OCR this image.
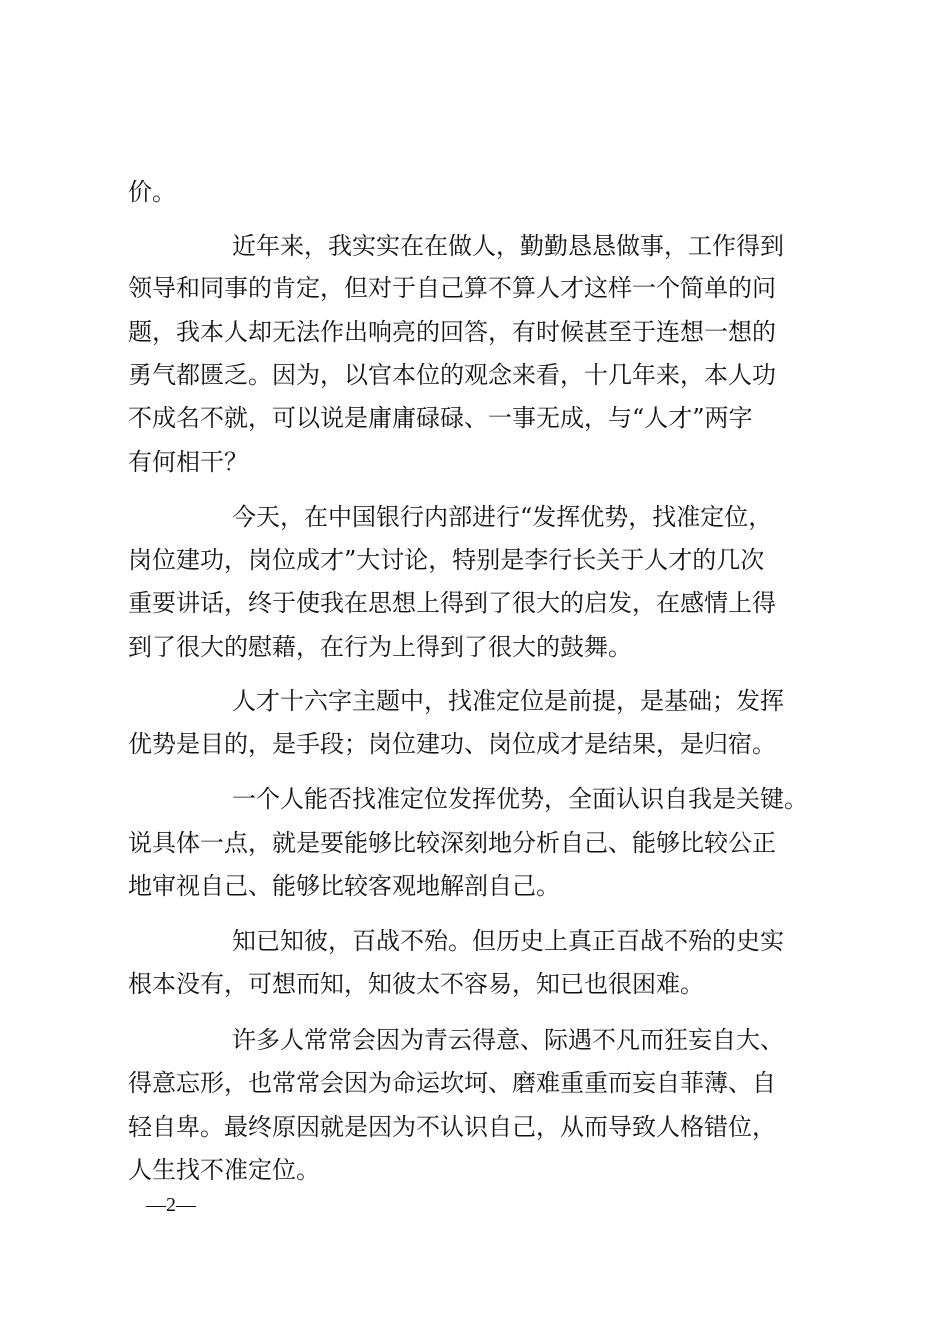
价。
近年来，我实实在在做人，勤勤恳恳做事，工作得到
领导和同事的肯定，但对于自己算不算人才这样一个简单的问
题，我本人却无法作出响亮的回答，有时候甚至于连想一想的
勇气都匮乏。因为，以官本位的观念来看，十几年来，本人功
不成名不就，可以说是庸庸碌碌、一事无成，与“人才”两字
有何相干？
今天，在中国银行内部进行“发挥优势，找准定位，
岗位建功，岗位成才”大讨论，特别是李行长关于人才的几次
重要讲话，终于使我在思想上得到了很大的启发，在感情上得
到了很大的慰藉，在行为上得到了很大的鼓舞。
人才十六字主题中，找准定位是前提，是基础；发挥
优势是目的，是手段；岗位建功、岗位成才是结果，是归宿。
一个人能否找准定位发挥优势，全面认识自我是关键。
说具体一点，就是要能够比较深刻地分析自己、能够比较公正
地审视自己、能够比较客观地解剖自己。
知已知彼，百战不殆。但历史上真正百战不殆的史实
根本没有，可想而知，知彼太不容易，知已也很困难。
许多人常常会因为青云得意、际遇不凡而狂妄自大、
得意忘形，也常常会因为命运坎坷、磨难重重而妄自菲薄、自
轻自卑。最终原因就是因为不认识自己，从而导致人格错位，
人生找不准定位。
—2—
